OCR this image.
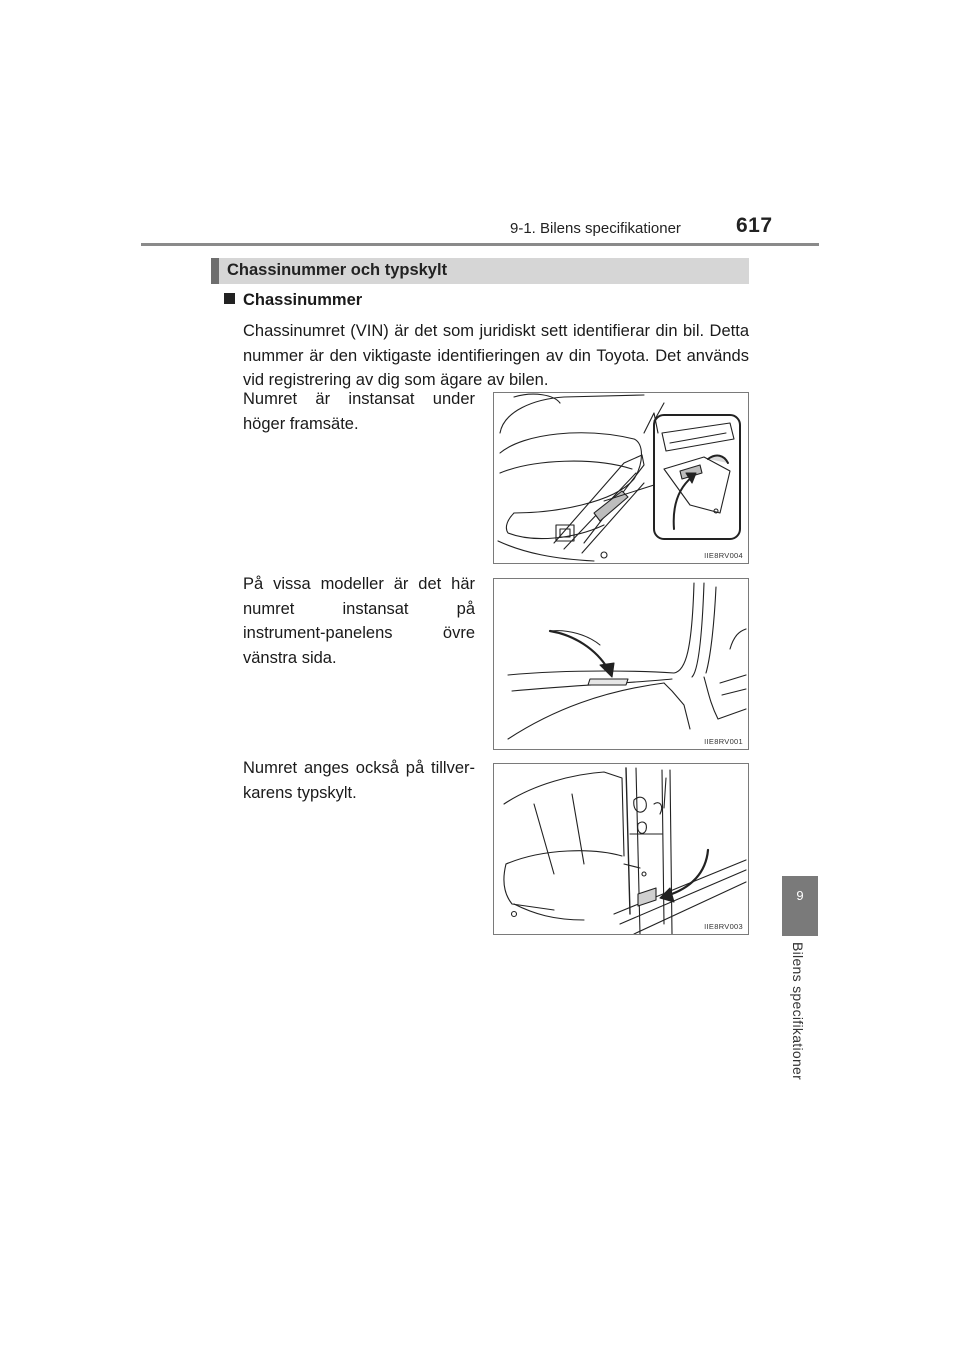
9-1. Bilens specifikationer	617
Chassinummer och typskylt
Chassinummer
Chassinumret (VIN) är det som juridiskt sett identifierar din bil. Detta nummer är den viktigaste identifieringen av din Toyota. Det används vid registrering av dig som ägare av bilen.
Numret är instansat under höger framsäte.
IIE8RV004
På vissa modeller är det här numret instansat på instrument-panelens övre vänstra sida.
IIE8RV001
Numret anges också på tillver-karens typskylt.
IIE8RV003
9
Bilens specifikationer
